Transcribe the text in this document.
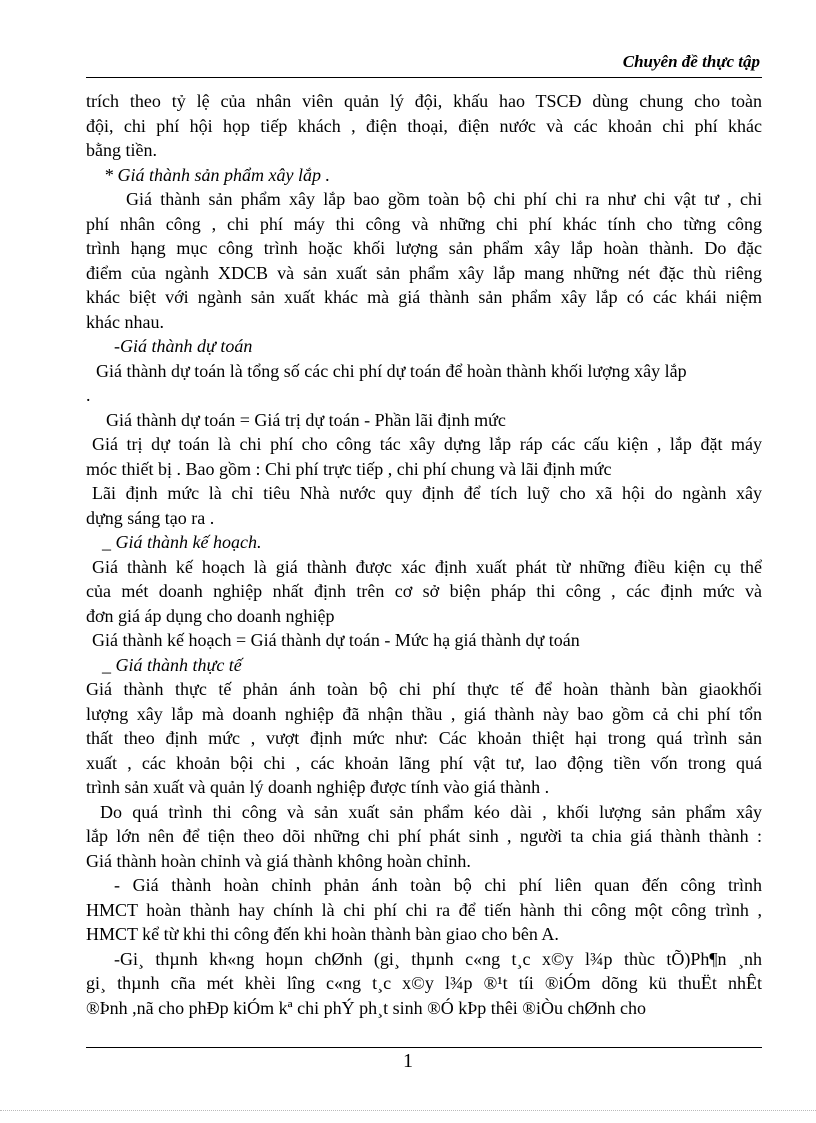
Chuyên đề thực tập
trích theo tỷ lệ của nhân viên quản lý đội, khấu hao TSCĐ dùng chung cho toàn
đội, chi phí hội họp tiếp khách , điện thoại, điện nước và các khoản chi phí khác
bằng tiền.
* Giá thành sản phẩm xây lắp .
Giá thành sản phẩm xây lắp bao gồm toàn bộ chi phí chi ra như chi vật tư , chi
phí nhân công , chi phí máy thi công và những chi phí khác tính cho từng công
trình hạng mục công trình hoặc khối lượng sản phẩm xây lắp hoàn thành. Do đặc
điểm của ngành XDCB và sản xuất sản phẩm xây lắp mang những nét đặc thù riêng
khác biệt với ngành sản xuất khác mà giá thành sản phẩm xây lắp có các khái niệm
khác nhau.
-Giá thành dự toán
Giá thành dự toán là tổng số các chi phí dự toán để hoàn thành khối lượng xây lắp
.
Giá thành dự toán = Giá trị dự toán - Phần lãi định mức
Giá trị dự toán là chi phí cho công tác xây dựng lắp ráp các cấu kiện , lắp đặt máy
móc thiết bị . Bao gồm : Chi phí trực tiếp , chi phí chung và lãi định mức
Lãi định mức là chỉ tiêu Nhà nước quy định để tích luỹ cho xã hội do ngành xây
dựng sáng tạo ra .
_ Giá thành kế hoạch.
Giá thành kế hoạch là giá thành được xác định xuất phát từ những điều kiện cụ thể
của mét doanh nghiệp nhất định trên cơ sở biện pháp thi công , các định mức và
đơn giá áp dụng cho doanh nghiệp
Giá thành kế hoạch = Giá thành dự toán - Mức hạ giá thành dự toán
_ Giá thành thực tế
Giá thành thực tế phản ánh toàn bộ chi phí thực tế để hoàn thành bàn giaokhối
lượng xây lắp mà doanh nghiệp đã nhận thầu , giá thành này bao gồm cả chi phí tổn
thất theo định mức , vượt định mức như: Các khoản thiệt hại trong quá trình sản
xuất , các khoản bội chi , các khoản lãng phí vật tư, lao động tiền vốn trong quá
trình sản xuất và quản lý doanh nghiệp được tính vào giá thành .
Do quá trình thi công và sản xuất sản phẩm kéo dài , khối lượng sản phẩm xây
lắp lớn nên để tiện theo dõi những chi phí phát sinh , người ta chia giá thành thành :
Giá thành hoàn chỉnh và giá thành không hoàn chỉnh.
- Giá thành hoàn chỉnh phản ánh toàn bộ chi phí liên quan đến công trình
HMCT hoàn thành hay chính là chi phí chi ra để tiến hành thi công một công trình ,
HMCT kể từ khi thi công đến khi hoàn thành bàn giao cho bên A.
-Gi¸ thµnh kh«ng hoµn chØnh (gi¸ thµnh c«ng t¸c x©y l¾p thùc tÕ)Ph¶n ¸nh
gi¸ thµnh cña mét khèi lîng c«ng t¸c x©y l¾p ®¹t tíi ®iÓm dõng kü thuËt nhÊt
®Þnh ,nã cho phÐp kiÓm kª chi phÝ ph¸t sinh ®Ó kÞp thêi ®iÒu chØnh cho
1
